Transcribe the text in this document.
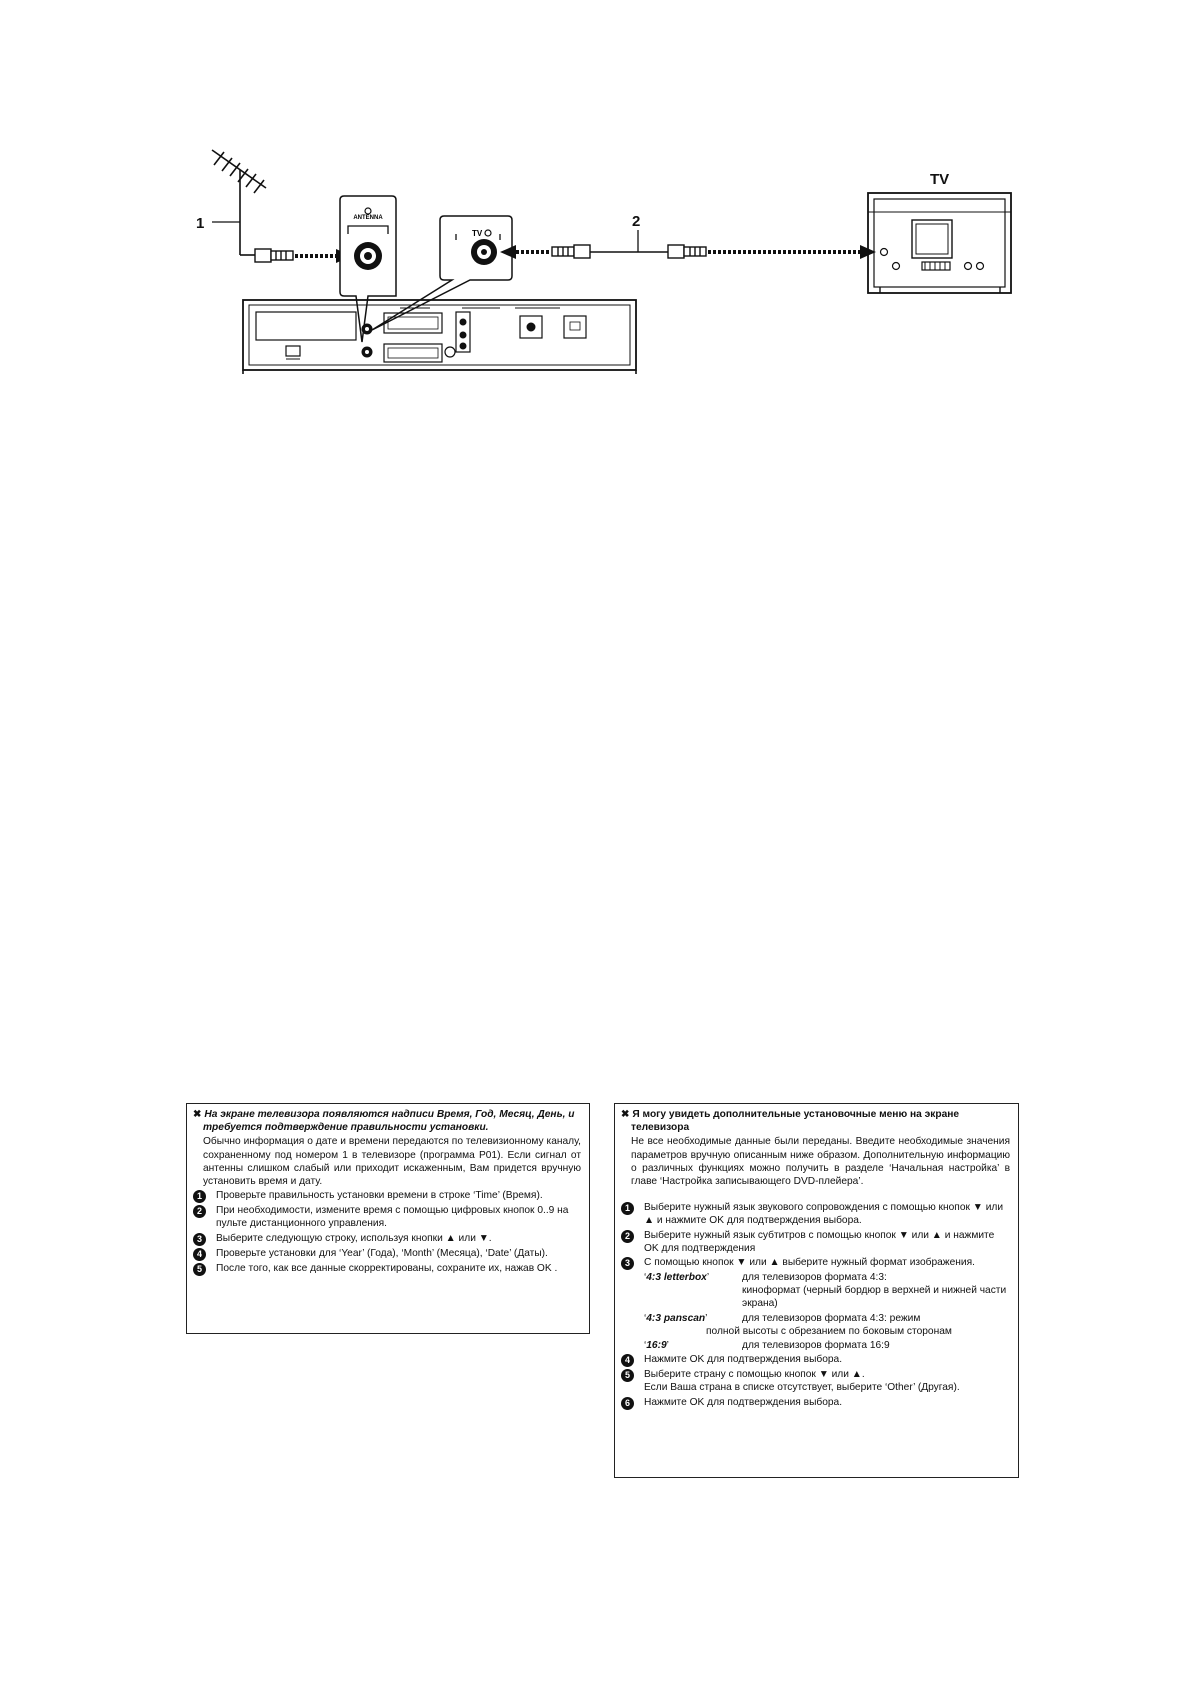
1	ANTENNA
TV
2
TV
✖ На экране телевизора появляются надписи Время, Год, Месяц, День, и требуется подтверждение правильности установки.
Обычно информация о дате и времени передаются по телевизионному каналу, сохраненному под номером 1 в телевизоре (программа P01). Если сигнал от антенны слишком слабый или приходит искаженным, Вам придется вручную установить время и дату.
1	Проверьте правильность установки времени в строке ‘Time’ (Время).
2	При необходимости, измените время с помощью цифровых кнопок 0..9 на пульте дистанционного управления.
3	Выберите следующую строку, используя кнопки ▲ или ▼.
4	Проверьте установки для ‘Year’ (Года), ‘Month’ (Месяца), ‘Date’ (Даты).
5	После того, как все данные скорректированы, сохраните их, нажав OK .
✖ Я могу увидеть дополнительные установочные меню на экране телевизора
Не все необходимые данные были переданы. Введите необходимые значения параметров вручную описанным ниже образом. Дополнительную информацию о различных функциях можно получить в разделе ‘Начальная настройка’ в главе ‘Настройка записывающего DVD-плейера’.
1	Выберите нужный язык звукового сопровождения с помощью кнопок ▼ или ▲ и нажмите OK для подтверждения выбора.
2	Выберите нужный язык субтитров с помощью кнопок ▼ или ▲ и нажмите OK для подтверждения
3	С помощью кнопок ▼ или ▲ выберите нужный формат изображения.
‘4:3 letterbox’	для телевизоров формата 4:3:
киноформат (черный бордюр в верхней и нижней части экрана)
‘4:3 panscan’	для телевизоров формата 4:3: режим
полной высоты с обрезанием по боковым сторонам
‘16:9’	для телевизоров формата 16:9
4	Нажмите OK для подтверждения выбора.
5	Выберите страну с помощью кнопок ▼ или ▲.
Если Ваша страна в списке отсутствует, выберите ‘Other’ (Другая).
6	Нажмите OK для подтверждения выбора.
